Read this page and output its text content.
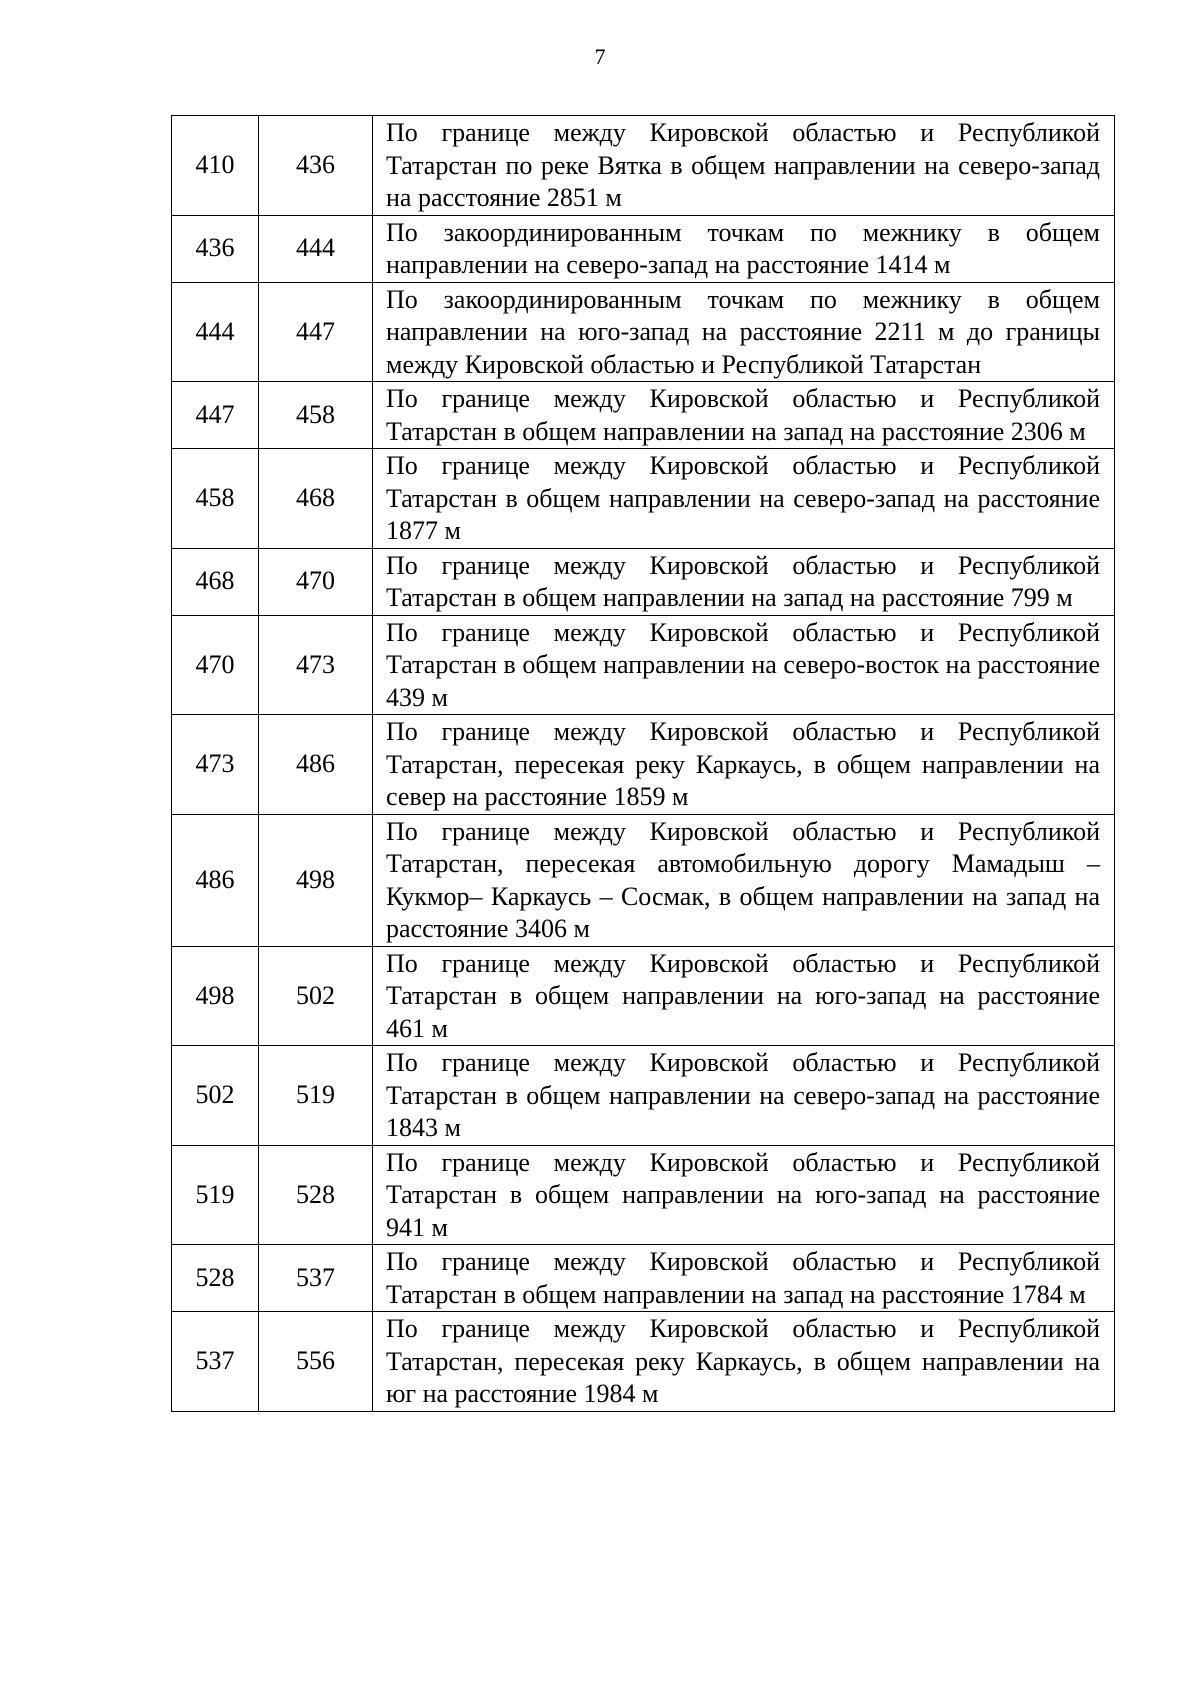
7
410	436	По границе между Кировской областью и Республикой Татарстан по реке Вятка в общем направлении на северо-запад на расстояние 2851 м
436	444	По закоординированным точкам по межнику в общем направлении на северо-запад на расстояние 1414 м
444	447	По закоординированным точкам по межнику в общем направлении на юго-запад на расстояние 2211 м до границы между Кировской областью и Республикой Татарстан
447	458	По границе между Кировской областью и Республикой Татарстан в общем направлении на запад на расстояние 2306 м
458	468	По границе между Кировской областью и Республикой Татарстан в общем направлении на северо-запад на расстояние 1877 м
468	470	По границе между Кировской областью и Республикой Татарстан в общем направлении на запад на расстояние 799 м
470	473	По границе между Кировской областью и Республикой Татарстан в общем направлении на северо-восток на расстояние 439 м
473	486	По границе между Кировской областью и Республикой Татарстан, пересекая реку Каркаусь, в общем направлении на север на расстояние 1859 м
486	498	По границе между Кировской областью и Республикой Татарстан, пересекая автомобильную дорогу Мамадыш – Кукмор– Каркаусь – Сосмак, в общем направлении на запад на расстояние 3406 м
498	502	По границе между Кировской областью и Республикой Татарстан в общем направлении на юго-запад на расстояние 461 м
502	519	По границе между Кировской областью и Республикой Татарстан в общем направлении на северо-запад на расстояние 1843 м
519	528	По границе между Кировской областью и Республикой Татарстан в общем направлении на юго-запад на расстояние 941 м
528	537	По границе между Кировской областью и Республикой Татарстан в общем направлении на запад на расстояние 1784 м
537	556	По границе между Кировской областью и Республикой Татарстан, пересекая реку Каркаусь, в общем направлении на юг на расстояние 1984 м
